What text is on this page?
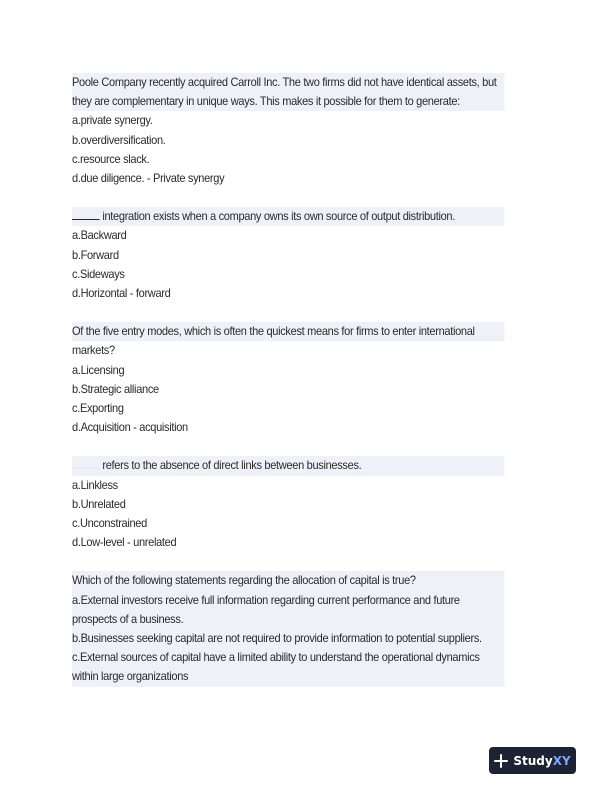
Poole Company recently acquired Carroll Inc. The two firms did not have identical assets, but
they are complementary in unique ways. This makes it possible for them to generate:
a.private synergy.
b.overdiversification.
c.resource slack.
d.due diligence. - Private synergy
integration exists when a company owns its own source of output distribution.
a.Backward
b.Forward
c.Sideways
d.Horizontal - forward
Of the five entry modes, which is often the quickest means for firms to enter international
markets?
a.Licensing
b.Strategic alliance
c.Exporting
d.Acquisition - acquisition
refers to the absence of direct links between businesses.
a.Linkless
b.Unrelated
c.Unconstrained
d.Low-level - unrelated
Which of the following statements regarding the allocation of capital is true?
a.External investors receive full information regarding current performance and future
prospects of a business.
b.Businesses seeking capital are not required to provide information to potential suppliers.
c.External sources of capital have a limited ability to understand the operational dynamics
within large organizations
StudyXY
